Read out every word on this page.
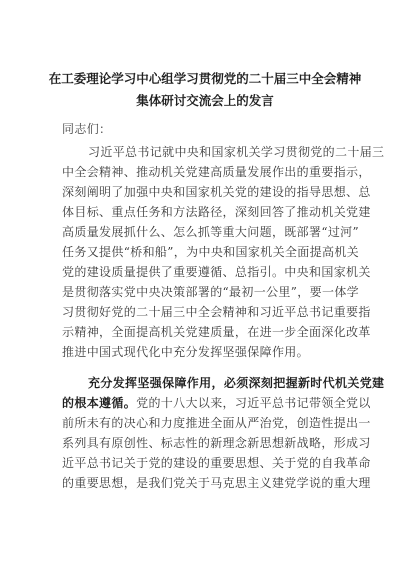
在工委理论学习中心组学习贯彻党的二十届三中全会精神
集体研讨交流会上的发言
同志们：
习近平总书记就中央和国家机关学习贯彻党的二十届三
中全会精神、推动机关党建高质量发展作出的重要指示，
深刻阐明了加强中央和国家机关党的建设的指导思想、总
体目标、重点任务和方法路径，深刻回答了推动机关党建
高质量发展抓什么、怎么抓等重大问题，既部署“过河”
任务又提供“桥和船”，为中央和国家机关全面提高机关
党的建设质量提供了重要遵循、总指引。中央和国家机关
是贯彻落实党中央决策部署的“最初一公里”，要一体学
习贯彻好党的二十届三中全会精神和习近平总书记重要指
示精神，全面提高机关党建质量，在进一步全面深化改革
推进中国式现代化中充分发挥坚强保障作用。
充分发挥坚强保障作用，必须深刻把握新时代机关党建
的根本遵循。党的十八大以来，习近平总书记带领全党以
前所未有的决心和力度推进全面从严治党，创造性提出一
系列具有原创性、标志性的新理念新思想新战略，形成习
近平总书记关于党的建设的重要思想、关于党的自我革命
的重要思想，是我们党关于马克思主义建党学说的重大理
